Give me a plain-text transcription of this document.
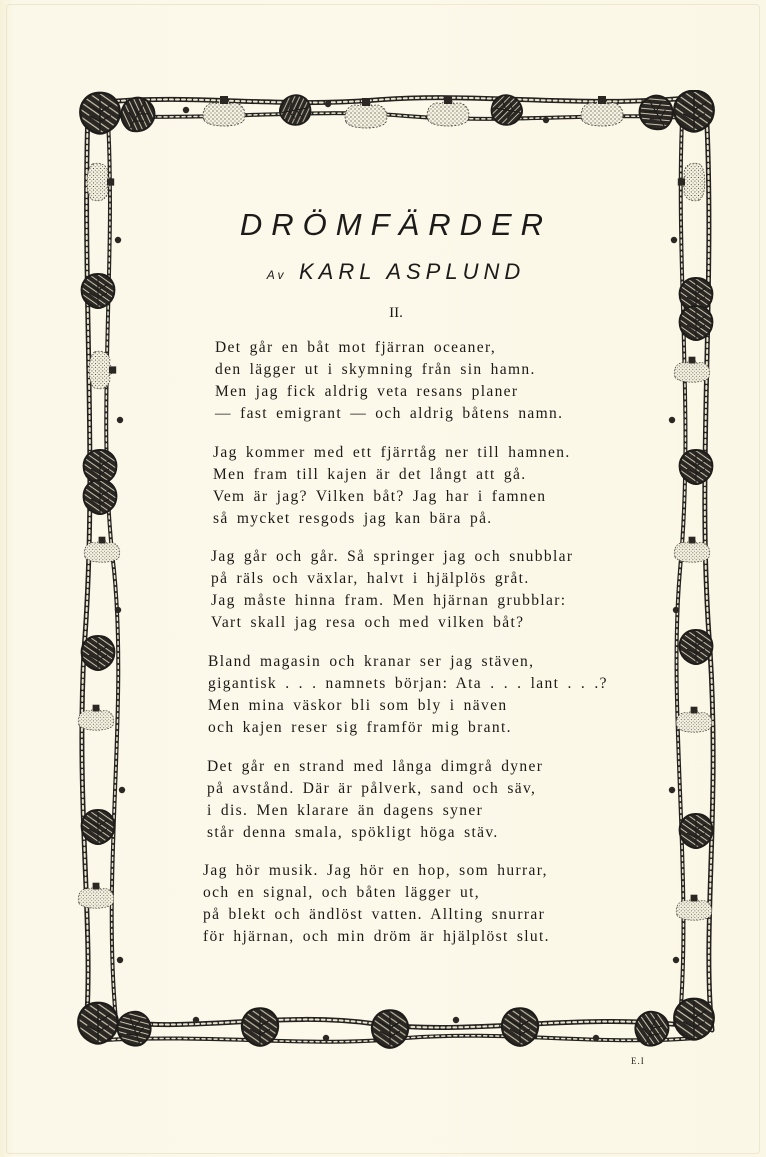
DRÖMFÄRDER
Av KARL ASPLUND
II.
Det går en båt mot fjärran oceaner,
den lägger ut i skymning från sin hamn.
Men jag fick aldrig veta resans planer
— fast emigrant — och aldrig båtens namn.
Jag kommer med ett fjärrtåg ner till hamnen.
Men fram till kajen är det långt att gå.
Vem är jag? Vilken båt? Jag har i famnen
så mycket resgods jag kan bära på.
Jag går och går. Så springer jag och snubblar
på räls och växlar, halvt i hjälplös gråt.
Jag måste hinna fram. Men hjärnan grubblar:
Vart skall jag resa och med vilken båt?
Bland magasin och kranar ser jag stäven,
gigantisk . . . namnets början: Ata . . . lant . . .?
Men mina väskor bli som bly i näven
och kajen reser sig framför mig brant.
Det går en strand med långa dimgrå dyner
på avstånd. Där är pålverk, sand och säv,
i dis. Men klarare än dagens syner
står denna smala, spökligt höga stäv.
Jag hör musik. Jag hör en hop, som hurrar,
och en signal, och båten lägger ut,
på blekt och ändlöst vatten. Allting snurrar
för hjärnan, och min dröm är hjälplöst slut.
E.I
